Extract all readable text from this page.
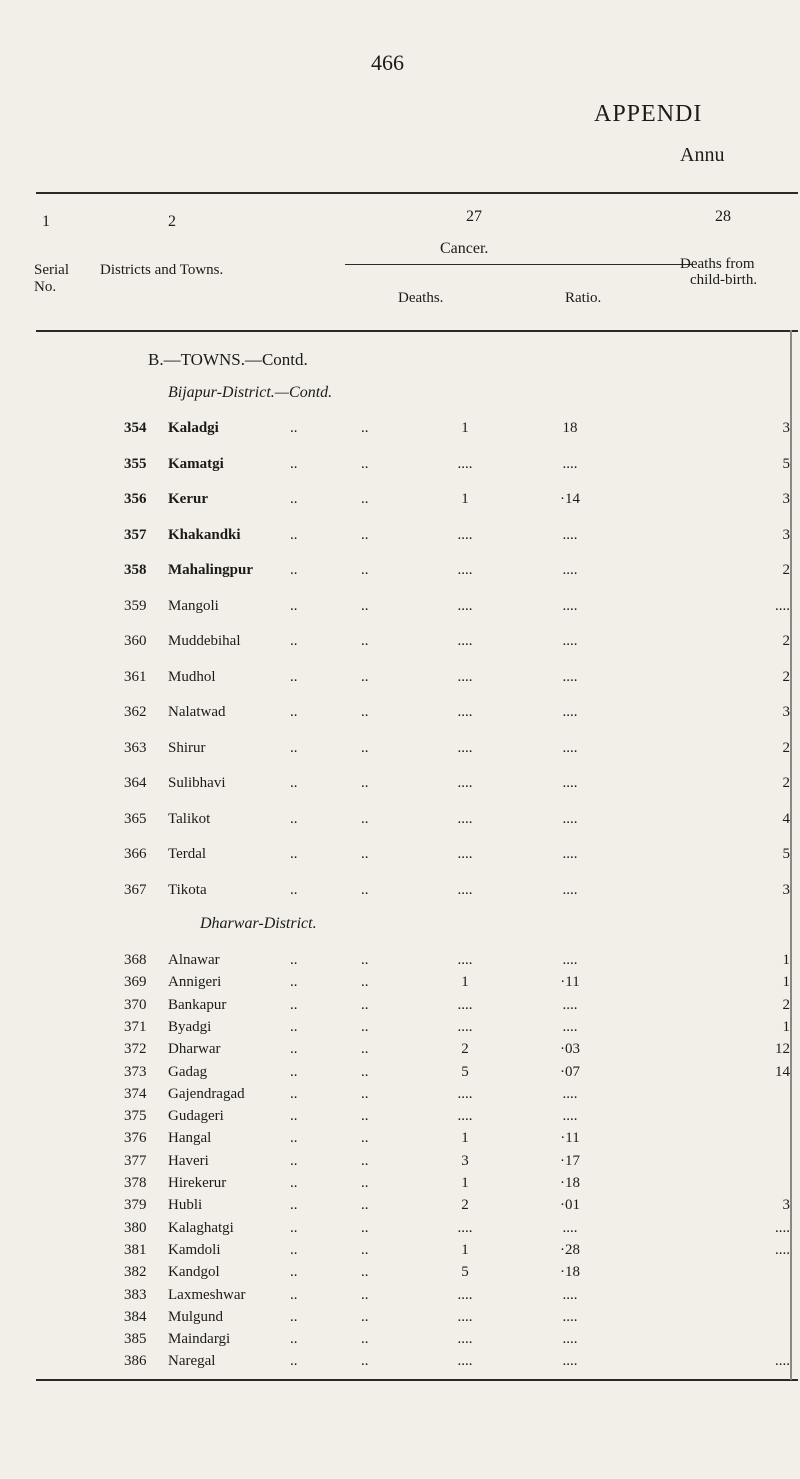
466
APPENDI
Annu
1	2	27	28
Cancer.
Serial
No.
Districts and Towns.
Deaths.	Ratio.
Deaths from
child-birth.
B.—TOWNS.—Contd.
Bijapur-District.—Contd.
354 Kaladgi	..	..	1	18	3
355 Kamatgi	..	..	....	....	5
356 Kerur	..	..	1	·14	3
357 Khakandki	..	..	....	....	3
358 Mahalingpur ..	..	....	....	2
359 Mangoli	..	..	....	....	....
360 Muddebihal	..	..	....	....	2
361 Mudhol	..	..	....	....	2
362 Nalatwad	..	..	....	....	3
363 Shirur	..	..	....	....	2
364 Sulibhavi	..	..	....	....	2
365 Talikot	..	..	....	....	4
366 Terdal	..	..	....	....	5
367 Tikota	..	..	....	....	3
Dharwar-District.
368 Alnawar	..	..	....	....	1
369 Annigeri	..	..	1	·11	1
370 Bankapur	..	..	....	....	2
371 Byadgi	..	..	....	....	1
372 Dharwar	..	..	2	·03	12
373 Gadag	..	..	5	·07	14
374 Gajendragad	..	..	....	....
375 Gudageri	..	..	....	....
376 Hangal	..	..	1	·11
377 Haveri	..	..	3	·17
378 Hirekerur	..	..	1	·18
379 Hubli	..	..	2	·01	3
380 Kalaghatgi	..	..	....	....	....
381 Kamdoli	..	..	1	·28	....
382 Kandgol	..	..	5	·18
383 Laxmeshwar	..	..	....	....
384 Mulgund	..	..	....	....
385 Maindargi	..	..	....	....
386 Naregal	..	..	....	....	....
